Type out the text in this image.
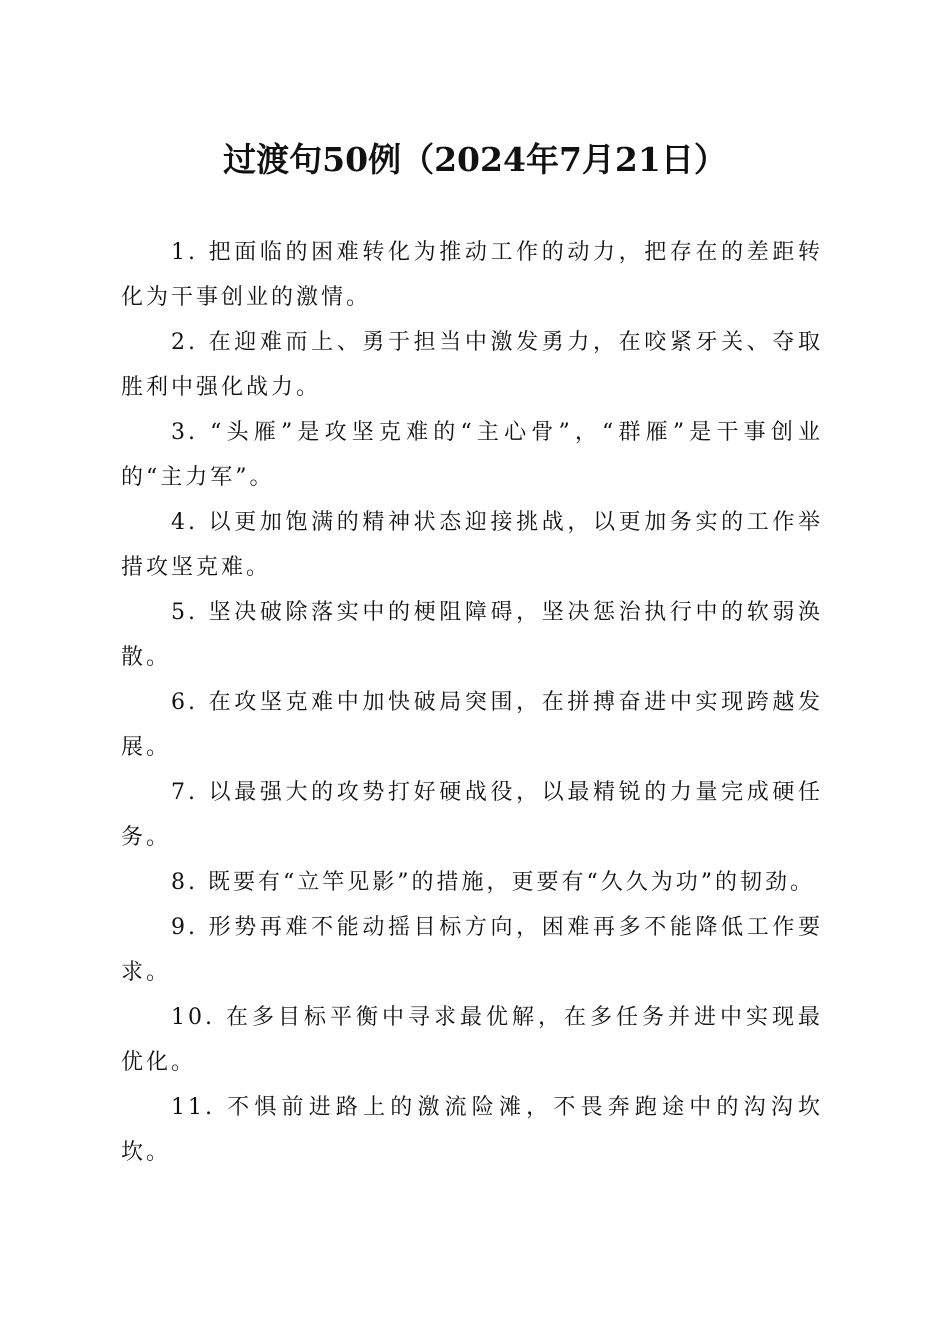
过渡句50例（2024年7月21日）
1. 把面临的困难转化为推动工作的动力，把存在的差距转化为干事创业的激情。
2. 在迎难而上、勇于担当中激发勇力，在咬紧牙关、夺取胜利中强化战力。
3. “头雁”是攻坚克难的“主心骨”，“群雁”是干事创业的“主力军”。
4. 以更加饱满的精神状态迎接挑战，以更加务实的工作举措攻坚克难。
5. 坚决破除落实中的梗阻障碍，坚决惩治执行中的软弱涣散。
6. 在攻坚克难中加快破局突围，在拼搏奋进中实现跨越发展。
7. 以最强大的攻势打好硬战役，以最精锐的力量完成硬任务。
8. 既要有“立竿见影”的措施，更要有“久久为功”的韧劲。
9. 形势再难不能动摇目标方向，困难再多不能降低工作要求。
10. 在多目标平衡中寻求最优解，在多任务并进中实现最优化。
11. 不惧前进路上的激流险滩，不畏奔跑途中的沟沟坎坎。
